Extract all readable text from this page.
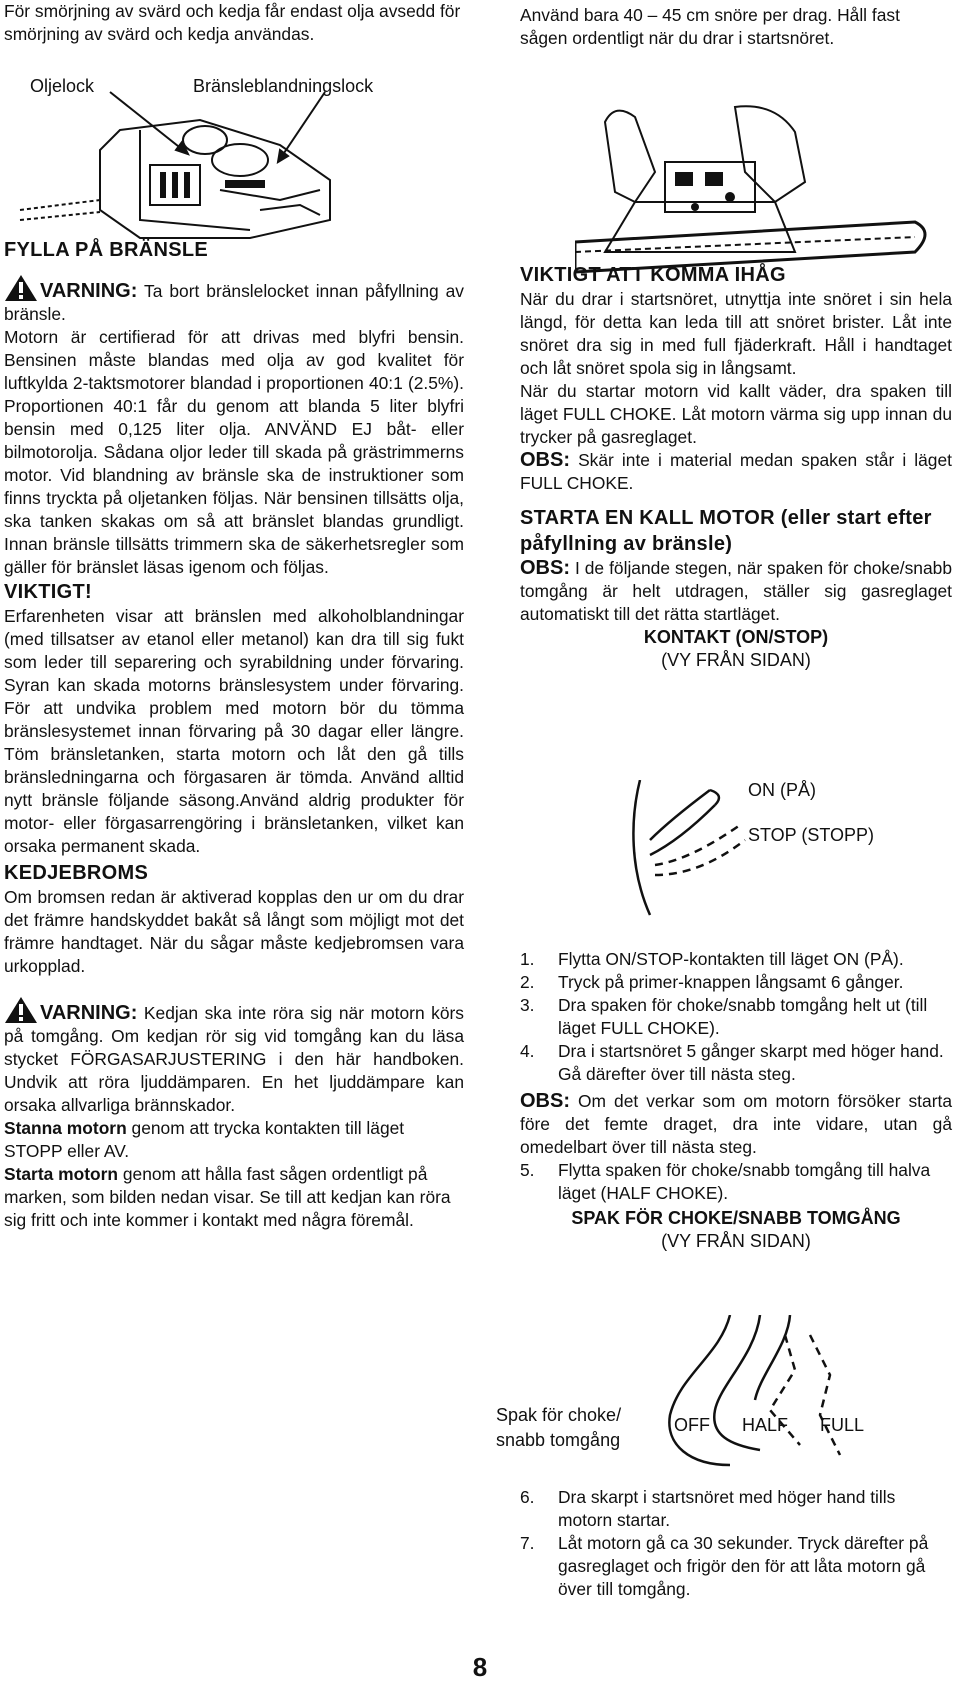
För smörjning av svärd och kedja får endast olja avsedd för smörjning av svärd och kedja användas.

Oljelock	Bränsleblandningslock
FYLLA PÅ BRÄNSLE

VARNING: Ta bort bränslelocket innan påfyllning av bränsle.

Motorn är certifierad för att drivas med blyfri bensin. Bensinen måste blandas med olja av god kvalitet för luftkylda 2-taktsmotorer blandad i proportionen 40:1 (2.5%). Proportionen 40:1 får du genom att blanda 5 liter blyfri bensin med 0,125 liter olja. ANVÄND EJ båt- eller bilmotorolja. Sådana oljor leder till skada på grästrimmerns motor. Vid blandning av bränsle ska de instruktioner som finns tryckta på oljetanken följas. När bensinen tillsätts olja, ska tanken skakas om så att bränslet blandas grundligt. Innan bränsle tillsätts trimmern ska de säkerhetsregler som gäller för bränslet läsas igenom och följas.

VIKTIGT!

Erfarenheten visar att bränslen med alkoholblandningar (med tillsatser av etanol eller metanol) kan dra till sig fukt som leder till separering och syrabildning under förvaring. Syran kan skada motorns bränslesystem under förvaring. För att undvika problem med motorn bör du tömma bränslesystemet innan förvaring på 30 dagar eller längre. Töm bränsletanken, starta motorn och låt den gå tills bränsledningarna och förgasaren är tömda. Använd alltid nytt bränsle följande säsong.Använd aldrig produkter för motor- eller förgasarrengöring i bränsletanken, vilket kan orsaka permanent skada.

KEDJEBROMS

Om bromsen redan är aktiverad kopplas den ur om du drar det främre handskyddet bakåt så långt som möjligt mot det främre handtaget. När du sågar måste kedjebromsen vara urkopplad.

VARNING: Kedjan ska inte röra sig när motorn körs på tomgång. Om kedjan rör sig vid tomgång kan du läsa stycket FÖRGASARJUSTERING i den här handboken. Undvik att röra ljuddämparen. En het ljuddämpare kan orsaka allvarliga brännskador.

Stanna motorn genom att trycka kontakten till läget STOPP eller AV.

Starta motorn genom att hålla fast sågen ordentligt på marken, som bilden nedan visar. Se till att kedjan kan röra sig fritt och inte kommer i kontakt med några föremål.

Använd bara 40 – 45 cm snöre per drag. Håll fast sågen ordentligt när du drar i startsnöret.

VIKTIGT ATT KOMMA IHÅG

När du drar i startsnöret, utnyttja inte snöret i sin hela längd, för detta kan leda till att snöret brister. Låt inte snöret dra sig in med full fjäderkraft. Håll i handtaget och låt snöret spola sig in långsamt.

När du startar motorn vid kallt väder, dra spaken till läget FULL CHOKE. Låt motorn värma sig upp innan du trycker på gasreglaget.

OBS: Skär inte i material medan spaken står i läget FULL CHOKE.

STARTA EN KALL MOTOR (eller start efter påfyllning av bränsle)

OBS: I de följande stegen, när spaken för choke/snabb tomgång är helt utdragen, ställer sig gasreglaget automatiskt till det rätta startläget.

KONTAKT (ON/STOP)
(VY FRÅN SIDAN)
ON (PÅ)
STOP (STOPP)
1. Flytta ON/STOP-kontakten till läget ON (PÅ).
2. Tryck på primer-knappen långsamt 6 gånger.
3. Dra spaken för choke/snabb tomgång helt ut (till läget FULL CHOKE).
4. Dra i startsnöret 5 gånger skarpt med höger hand. Gå därefter över till nästa steg.

OBS: Om det verkar som om motorn försöker starta före det femte draget, dra inte vidare, utan gå omedelbart över till nästa steg.

5. Flytta spaken för choke/snabb tomgång till halva läget (HALF CHOKE).
SPAK FÖR CHOKE/SNABB TOMGÅNG
(VY FRÅN SIDAN)
Spak för choke/
snabb tomgång
OFF HALF FULL
6. Dra skarpt i startsnöret med höger hand tills motorn startar.
7. Låt motorn gå ca 30 sekunder. Tryck därefter på gasreglaget och frigör den för att låta motorn gå över till tomgång.
8
